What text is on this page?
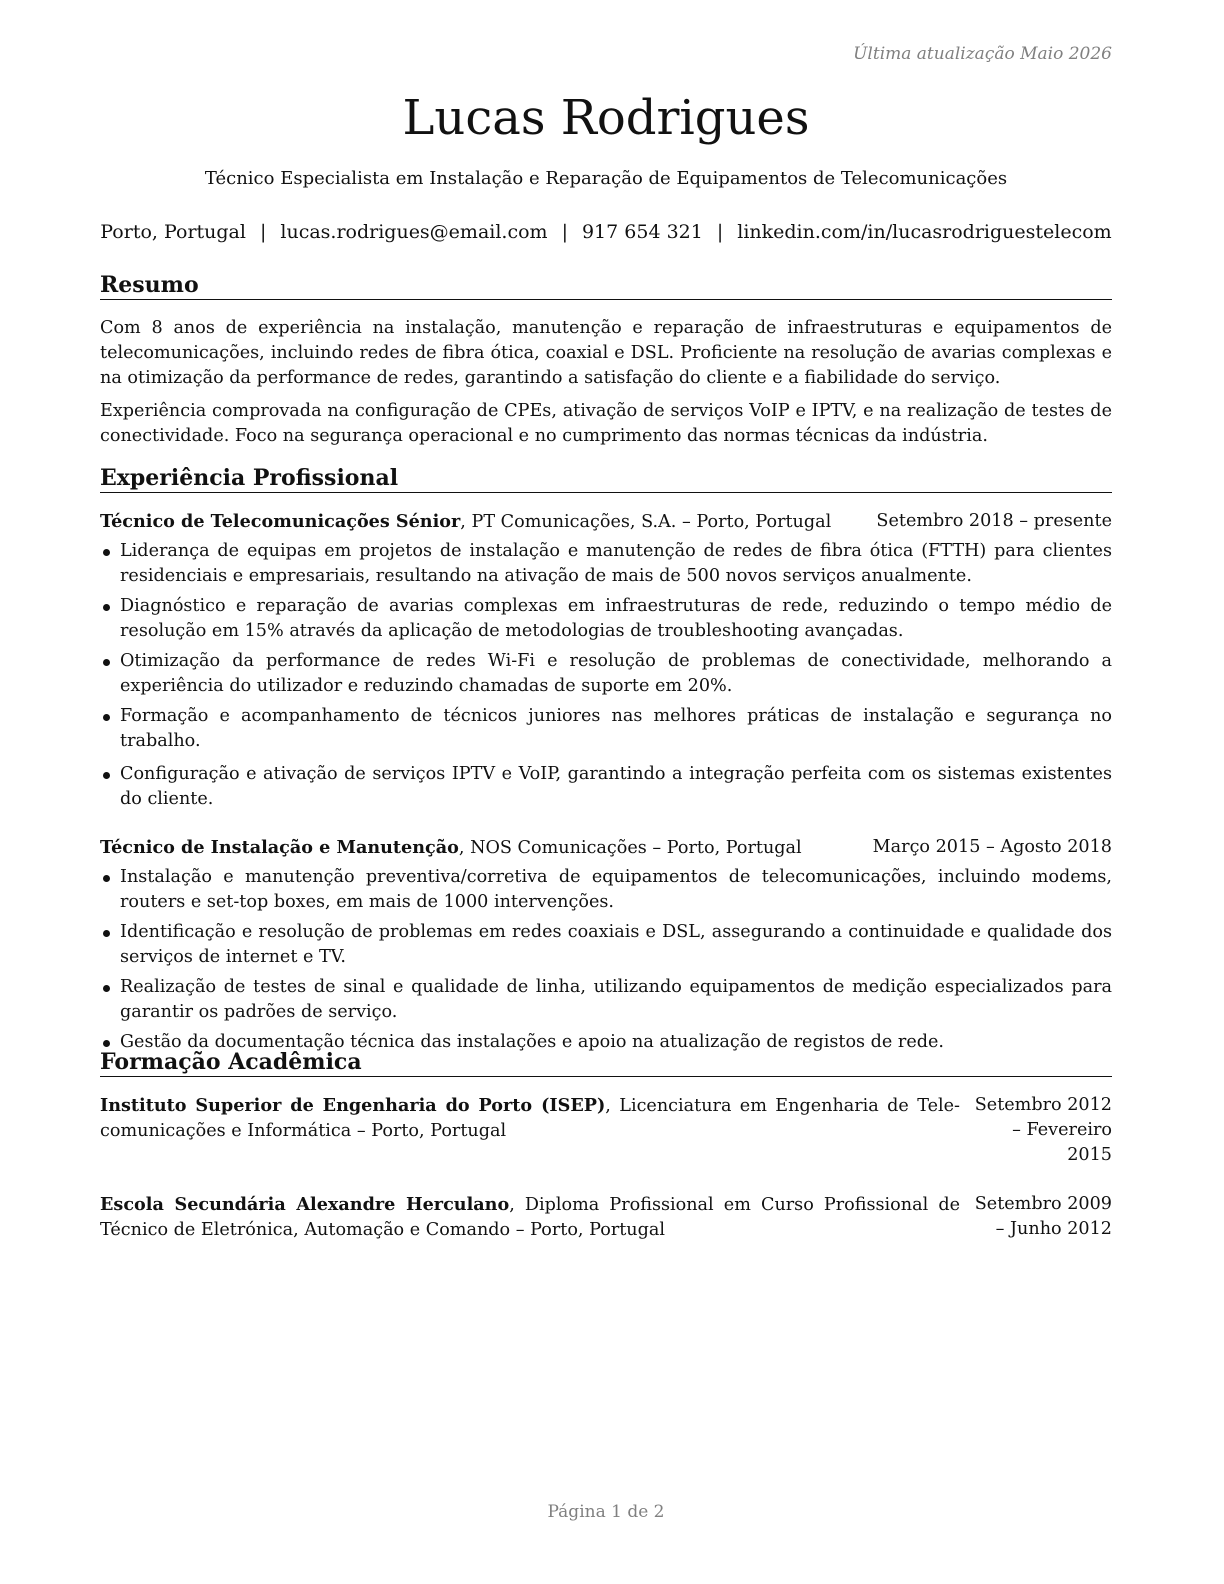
Última atualização Maio 2026
Lucas Rodrigues
Técnico Especialista em Instalação e Reparação de Equipamentos de Telecomunicações
Porto, Portugal | lucas.rodrigues@email.com | 917 654 321 | linkedin.com/in/lucasrodriguestelecom
Resumo

Com 8 anos de experiência na instalação, manutenção e reparação de infraestruturas e equipamentos de telecomunicações, incluindo redes de fibra ótica, coaxial e DSL. Proficiente na resolução de avarias complexas e na otimização da performance de redes, garantindo a satisfação do cliente e a fiabilidade do serviço.

Experiência comprovada na configuração de CPEs, ativação de serviços VoIP e IPTV, e na realização de testes de conectividade. Foco na segurança operacional e no cumprimento das normas técnicas da indústria.

Experiência Profissional
Técnico de Telecomunicações Sénior, PT Comunicações, S.A. – Porto, Portugal	Setembro 2018 – presente
Liderança de equipas em projetos de instalação e manutenção de redes de fibra ótica (FTTH) para clientes residenciais e empresariais, resultando na ativação de mais de 500 novos serviços anualmente.
Diagnóstico e reparação de avarias complexas em infraestruturas de rede, reduzindo o tempo médio de resolução em 15% através da aplicação de metodologias de troubleshooting avançadas.
Otimização da performance de redes Wi-Fi e resolução de problemas de conectividade, melhorando a experiência do utilizador e reduzindo chamadas de suporte em 20%.
Formação e acompanhamento de técnicos juniores nas melhores práticas de instalação e segurança no trabalho.
Configuração e ativação de serviços IPTV e VoIP, garantindo a integração perfeita com os sistemas existentes do cliente.
Técnico de Instalação e Manutenção, NOS Comunicações – Porto, Portugal	Março 2015 – Agosto 2018
Instalação e manutenção preventiva/corretiva de equipamentos de telecomunicações, incluindo modems, routers e set-top boxes, em mais de 1000 intervenções.
Identificação e resolução de problemas em redes coaxiais e DSL, assegurando a continuidade e qualidade dos serviços de internet e TV.
Realização de testes de sinal e qualidade de linha, utilizando equipamentos de medição especializados para garantir os padrões de serviço.
Gestão da documentação técnica das instalações e apoio na atualização de registos de rede.
Formação Acadêmica
Instituto Superior de Engenharia do Porto (ISEP), Licenciatura em Engenharia de Telecomunicações e Informática – Porto, Portugal
Setembro 2012 – Fevereiro 2015
Escola Secundária Alexandre Herculano, Diploma Profissional em Curso Profissional de Técnico de Eletrónica, Automação e Comando – Porto, Portugal
Setembro 2009 – Junho 2012
Página 1 de 2
